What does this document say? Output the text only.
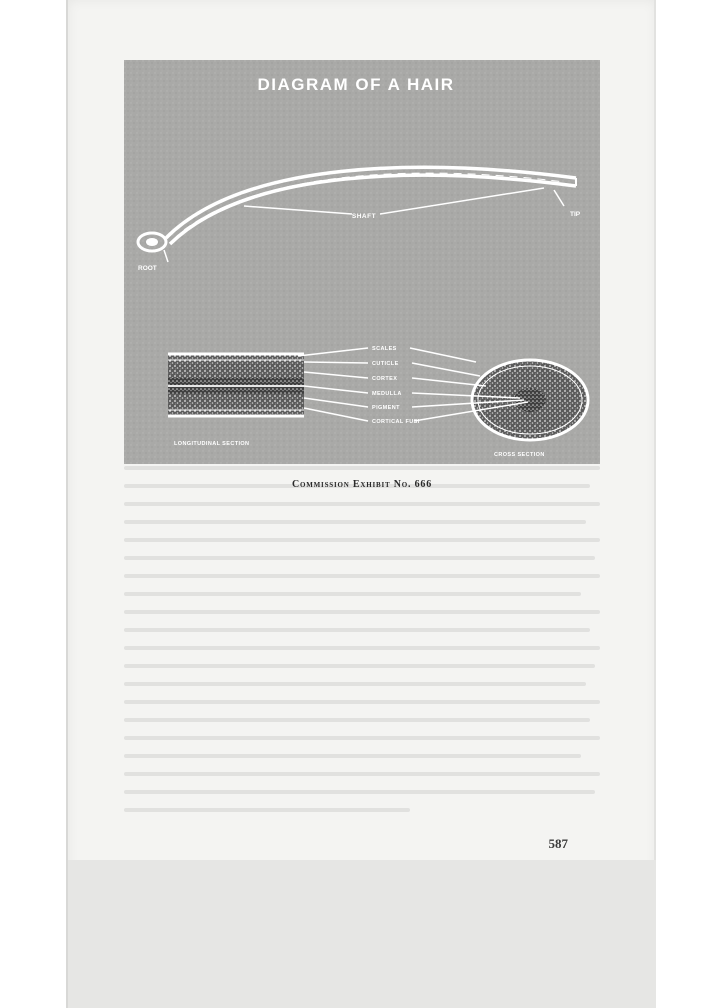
DIAGRAM OF A HAIR
SHAFT	TIP
ROOT
SCALES
CUTICLE
CORTEX
MEDULLA
PIGMENT
CORTICAL FUSI
LONGITUDINAL SECTION
CROSS SECTION
Commission Exhibit No. 666
587
